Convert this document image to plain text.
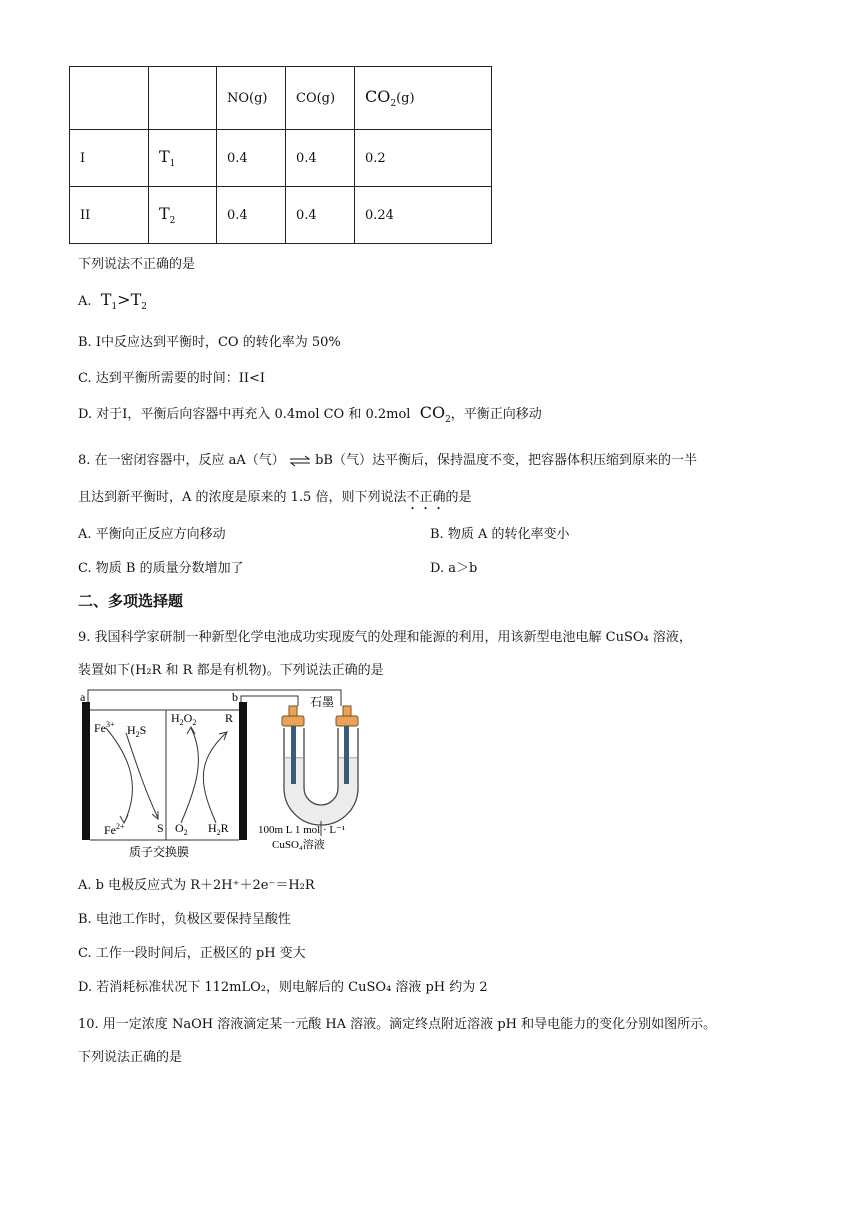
		NO(g)	CO(g)	$CO_2(g)$
I	$T_1$	0.4	0.4	0.2
II	$T_2$	0.4	0.4	0.24
下列说法不正确的是
A.  $T_1>T_2$
B. I中反应达到平衡时，CO 的转化率为 50%
C. 达到平衡所需要的时间：II<I
D. 对于I，平衡后向容器中再充入 0.4mol CO 和 0.2mol  $CO_2$，平衡正向移动
8. 在一密闭容器中，反应 aA（气） ⇌ bB（气）达平衡后，保持温度不变，把容器体积压缩到原来的一半
且达到新平衡时，A 的浓度是原来的 1.5 倍，则下列说法不正确的是
A. 平衡向正反应方向移动	B. 物质 A 的转化率变小
C. 物质 B 的质量分数增加了	D. a＞b
二、多项选择题
9. 我国科学家研制一种新型化学电池成功实现废气的处理和能源的利用，用该新型电池电解 CuSO₄ 溶液，
装置如下(H₂R 和 R 都是有机物)。下列说法正确的是
a	b
$Fe^{3+}$ $H_2S$
$Fe^{2+}$	S
$H_2O_2$ R
$O_2$ $H_2R$
质子交换膜
石墨
100m L 1 mol · L⁻¹
CuSO₄溶液
A. b 电极反应式为 R＋2H⁺＋2e⁻＝H₂R
B. 电池工作时，负极区要保持呈酸性
C. 工作一段时间后，正极区的 pH 变大
D. 若消耗标准状况下 112mLO₂，则电解后的 CuSO₄ 溶液 pH 约为 2
10. 用一定浓度 NaOH 溶液滴定某一元酸 HA 溶液。滴定终点附近溶液 pH 和导电能力的变化分别如图所示。
下列说法正确的是
